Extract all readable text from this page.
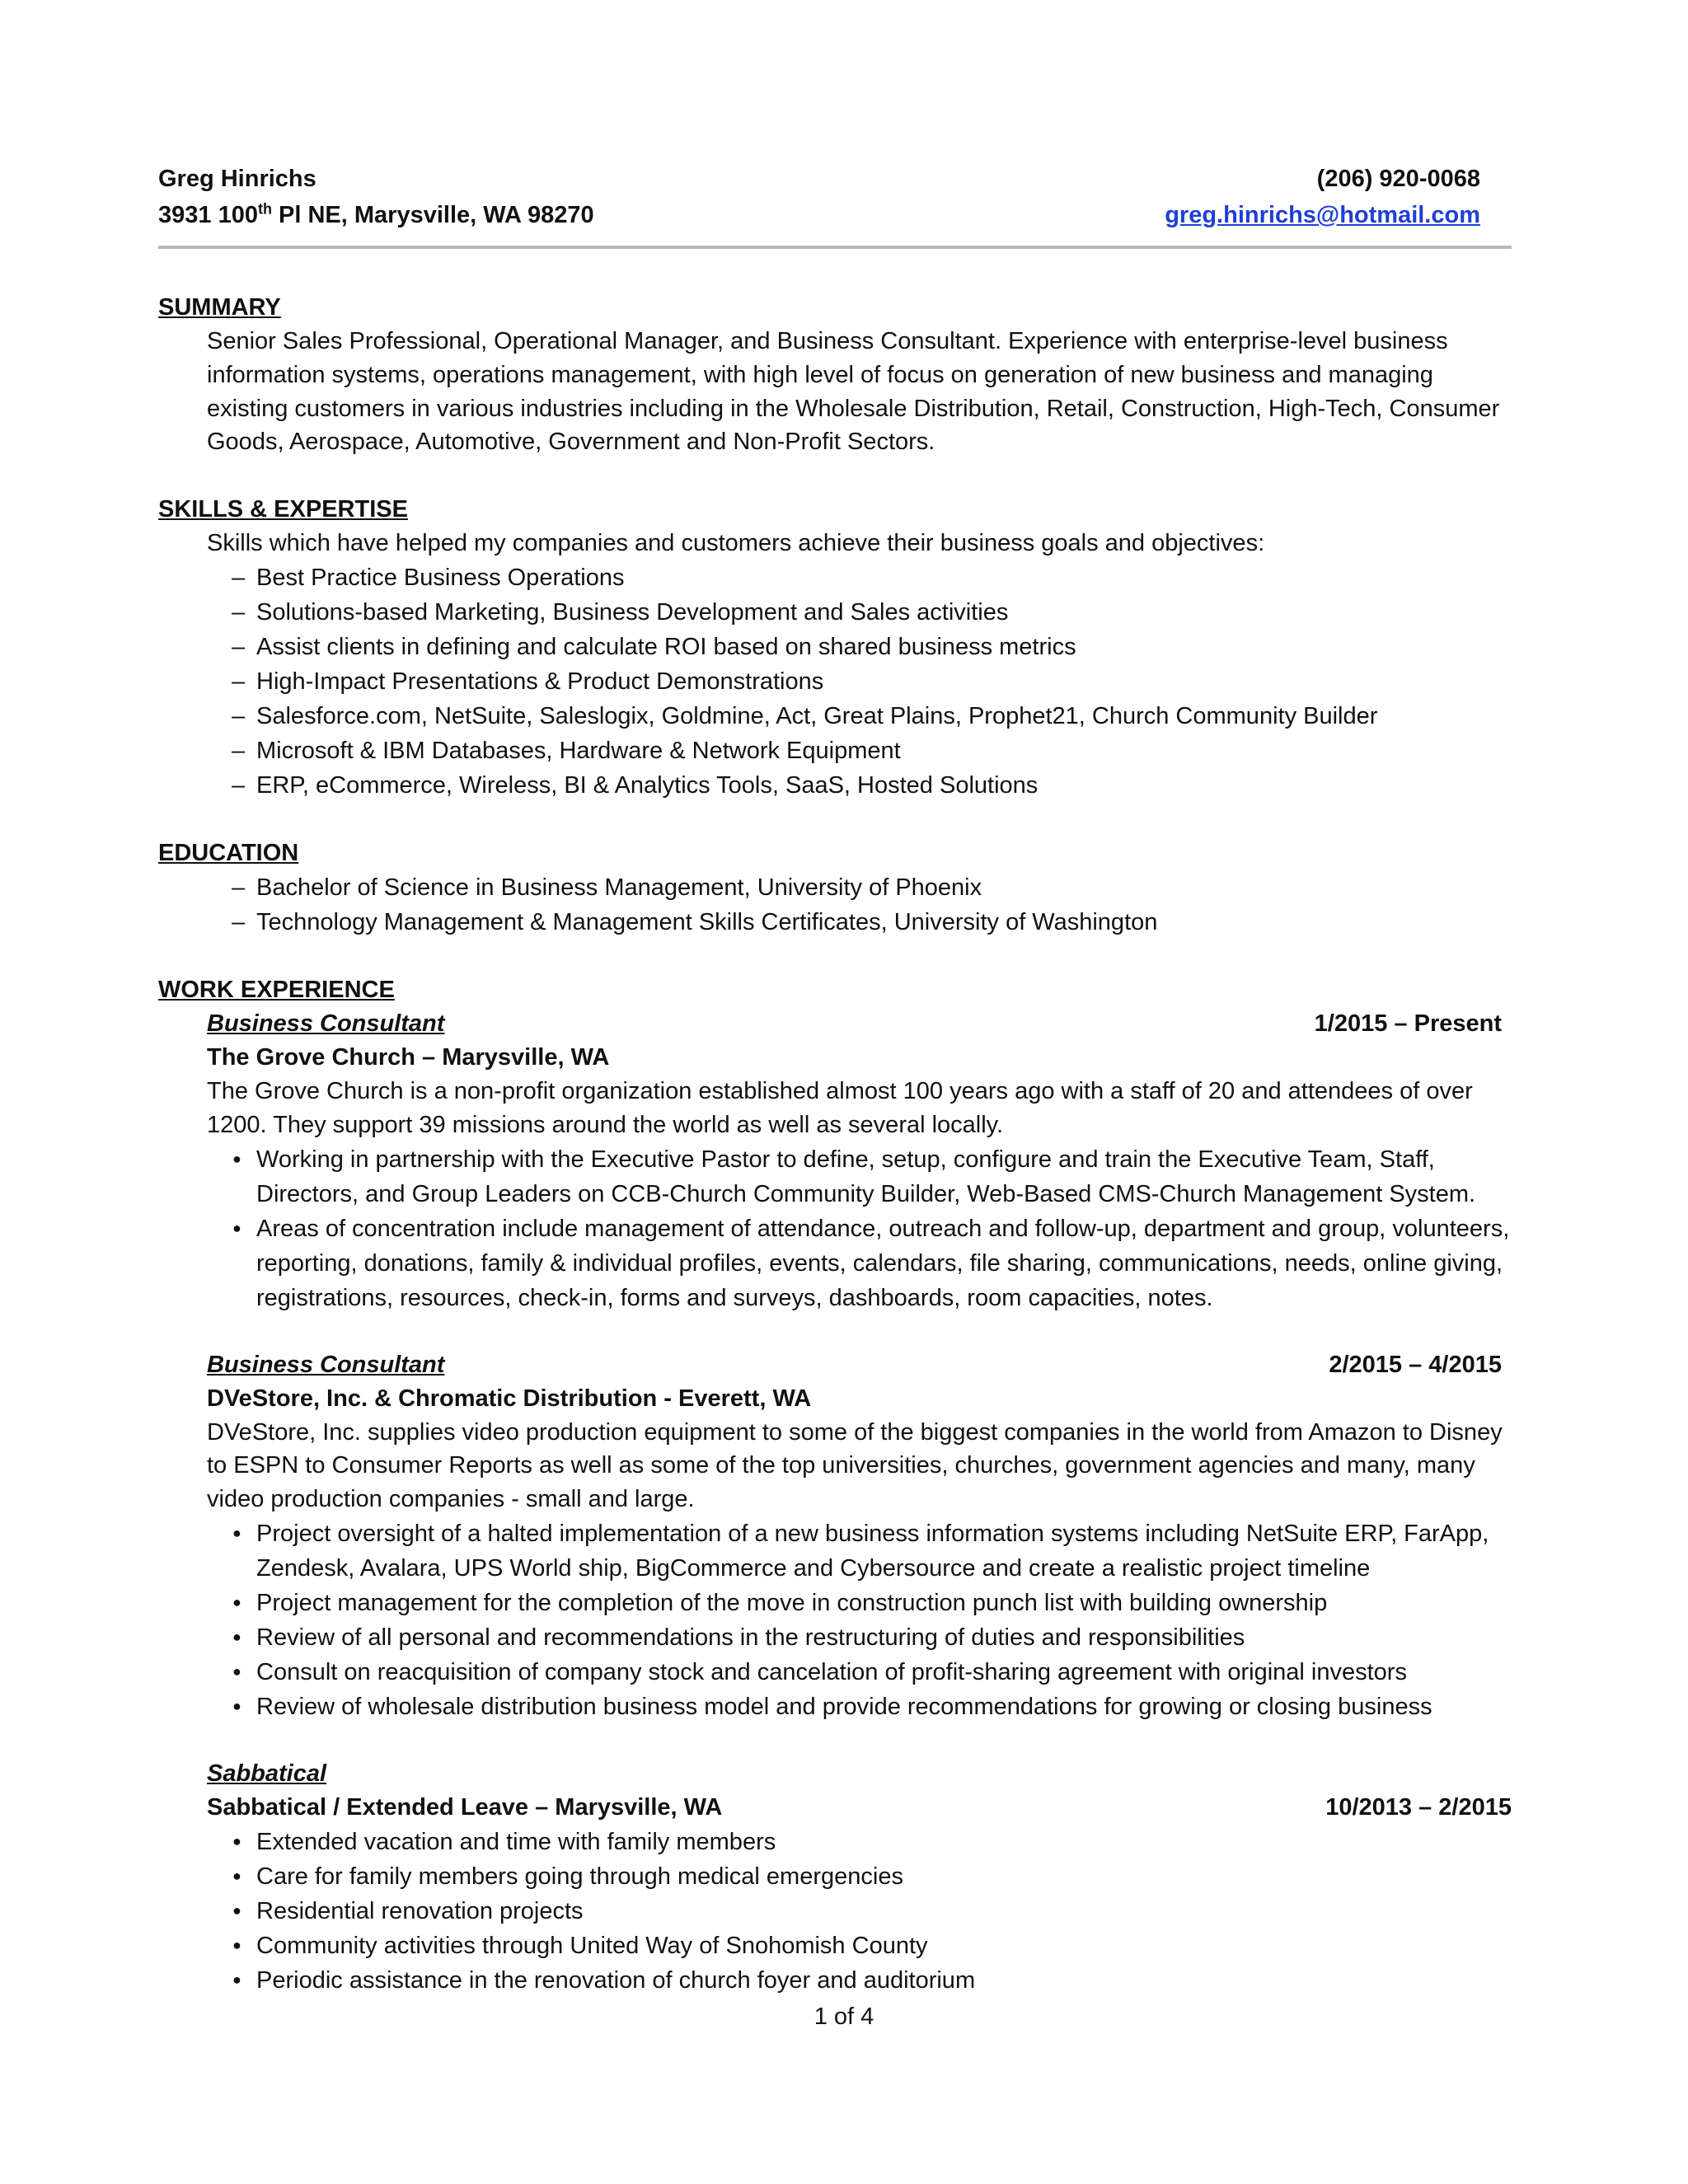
Greg Hinrichs	(206) 920-0068
3931 100th Pl NE, Marysville, WA 98270	greg.hinrichs@hotmail.com
SUMMARY

Senior Sales Professional, Operational Manager, and Business Consultant. Experience with enterprise-level business information systems, operations management, with high level of focus on generation of new business and managing existing customers in various industries including in the Wholesale Distribution, Retail, Construction, High-Tech, Consumer Goods, Aerospace, Automotive, Government and Non-Profit Sectors.

SKILLS & EXPERTISE

Skills which have helped my companies and customers achieve their business goals and objectives:

– Best Practice Business Operations
– Solutions-based Marketing, Business Development and Sales activities
– Assist clients in defining and calculate ROI based on shared business metrics
– High-Impact Presentations & Product Demonstrations
– Salesforce.com, NetSuite, Saleslogix, Goldmine, Act, Great Plains, Prophet21, Church Community Builder
– Microsoft & IBM Databases, Hardware & Network Equipment
– ERP, eCommerce, Wireless, BI & Analytics Tools, SaaS, Hosted Solutions
EDUCATION
– Bachelor of Science in Business Management, University of Phoenix
– Technology Management & Management Skills Certificates, University of Washington
WORK EXPERIENCE
Business Consultant	1/2015 – Present
The Grove Church – Marysville, WA

The Grove Church is a non-profit organization established almost 100 years ago with a staff of 20 and attendees of over 1200. They support 39 missions around the world as well as several locally.

● Working in partnership with the Executive Pastor to define, setup, configure and train the Executive Team, Staff, Directors, and Group Leaders on CCB-Church Community Builder, Web-Based CMS-Church Management System.
● Areas of concentration include management of attendance, outreach and follow-up, department and group, volunteers, reporting, donations, family & individual profiles, events, calendars, file sharing, communications, needs, online giving, registrations, resources, check-in, forms and surveys, dashboards, room capacities, notes.
Business Consultant	2/2015 – 4/2015
DVeStore, Inc. & Chromatic Distribution - Everett, WA

DVeStore, Inc. supplies video production equipment to some of the biggest companies in the world from Amazon to Disney to ESPN to Consumer Reports as well as some of the top universities, churches, government agencies and many, many video production companies - small and large.

● Project oversight of a halted implementation of a new business information systems including NetSuite ERP, FarApp, Zendesk, Avalara, UPS World ship, BigCommerce and Cybersource and create a realistic project timeline
● Project management for the completion of the move in construction punch list with building ownership
● Review of all personal and recommendations in the restructuring of duties and responsibilities
● Consult on reacquisition of company stock and cancelation of profit-sharing agreement with original investors
● Review of wholesale distribution business model and provide recommendations for growing or closing business
Sabbatical
Sabbatical / Extended Leave – Marysville, WA	10/2013 – 2/2015
● Extended vacation and time with family members
● Care for family members going through medical emergencies
● Residential renovation projects
● Community activities through United Way of Snohomish County
● Periodic assistance in the renovation of church foyer and auditorium
1 of 4
